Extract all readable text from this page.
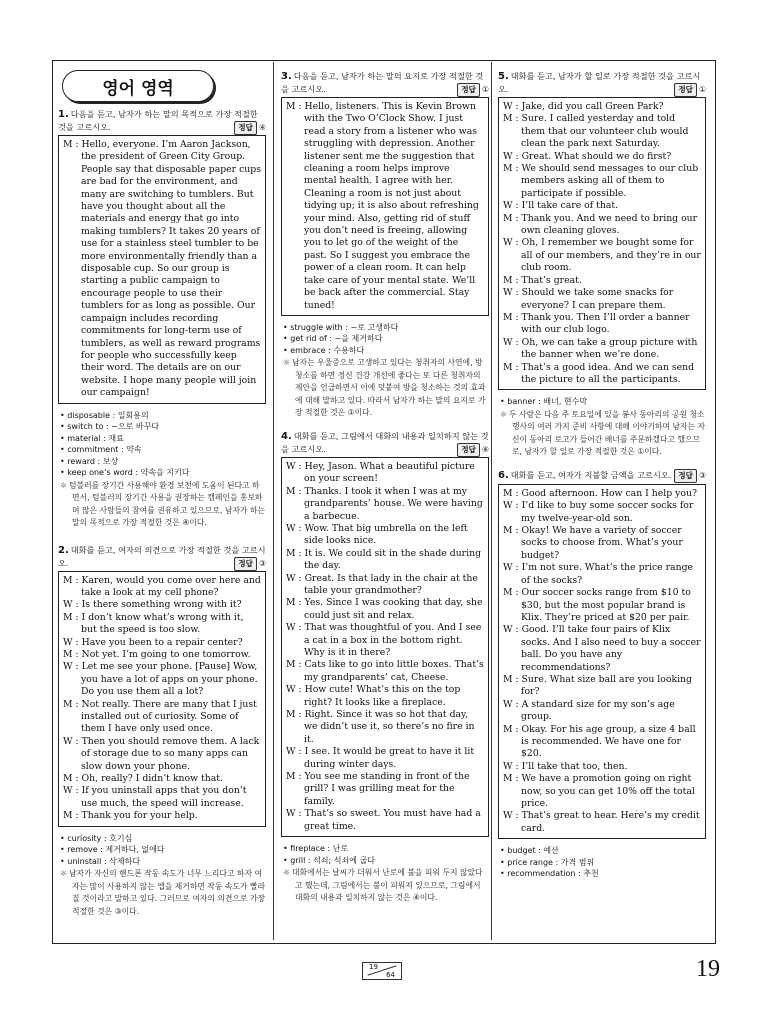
영어 영역
1. 다음을 듣고, 남자가 하는 말의 목적으로 가장 적절한 것을 고르시오.	정답 ④

M : Hello, everyone. I’m Aaron Jackson, the president of Green City Group. People say that disposable paper cups are bad for the environment, and many are switching to tumblers. But have you thought about all the materials and energy that go into making tumblers? It takes 20 years of use for a stainless steel tumbler to be more environmentally friendly than a disposable cup. So our group is starting a public campaign to encourage people to use their tumblers for as long as possible. Our campaign includes recording commitments for long-term use of tumblers, as well as reward programs for people who successfully keep their word. The details are on our website. I hope many people will join our campaign!

• disposable : 일회용의
• switch to : ~으로 바꾸다
• material : 재료
• commitment : 약속
• reward : 보상
• keep one’s word : 약속을 지키다
☼ 텀블러를 장기간 사용해야 환경 보전에 도움이 된다고 하면서, 텀블러의 장기간 사용을 권장하는 캠페인을 홍보하며 많은 사람들의 참여를 권유하고 있으므로, 남자가 하는 말의 목적으로 가장 적절한 것은 ④이다.
2. 대화를 듣고, 여자의 의견으로 가장 적절한 것을 고르시오.	정답 ③

M : Karen, would you come over here and take a look at my cell phone?

W : Is there something wrong with it?

M : I don’t know what’s wrong with it, but the speed is too slow.

W : Have you been to a repair center?

M : Not yet. I’m going to one tomorrow.

W : Let me see your phone. [Pause] Wow, you have a lot of apps on your phone. Do you use them all a lot?

M : Not really. There are many that I just installed out of curiosity. Some of them I have only used once.

W : Then you should remove them. A lack of storage due to so many apps can slow down your phone.

M : Oh, really? I didn’t know that.

W : If you uninstall apps that you don’t use much, the speed will increase.

M : Thank you for your help.

• curiosity : 호기심
• remove : 제거하다, 없애다
• uninstall : 삭제하다
☼ 남자가 자신의 핸드폰 작동 속도가 너무 느리다고 하자 여자는 많이 사용하지 않는 앱을 제거하면 작동 속도가 빨라질 것이라고 말하고 있다. 그러므로 여자의 의견으로 가장 적절한 것은 ③이다.
3. 다음을 듣고, 남자가 하는 말의 요지로 가장 적절한 것을 고르시오.	정답 ①

M : Hello, listeners. This is Kevin Brown with the Two O’Clock Show. I just read a story from a listener who was struggling with depression. Another listener sent me the suggestion that cleaning a room helps improve mental health. I agree with her. Cleaning a room is not just about tidying up; it is also about refreshing your mind. Also, getting rid of stuff you don’t need is freeing, allowing you to let go of the weight of the past. So I suggest you embrace the power of a clean room. It can help take care of your mental state. We’ll be back after the commercial. Stay tuned!

• struggle with : ~로 고생하다
• get rid of : ~을 제거하다
• embrace : 수용하다
☼ 남자는 우울증으로 고생하고 있다는 청취자의 사연에, 방 청소를 하면 정신 건강 개선에 좋다는 또 다른 청취자의 제안을 언급하면서 이에 덧붙여 방을 청소하는 것의 효과에 대해 말하고 있다. 따라서 남자가 하는 말의 요지로 가장 적절한 것은 ①이다.
4. 대화를 듣고, 그림에서 대화의 내용과 일치하지 않는 것을 고르시오.	정답 ④

W : Hey, Jason. What a beautiful picture on your screen!

M : Thanks. I took it when I was at my grandparents’ house. We were having a barbecue.

W : Wow. That big umbrella on the left side looks nice.

M : It is. We could sit in the shade during the day.

W : Great. Is that lady in the chair at the table your grandmother?

M : Yes. Since I was cooking that day, she could just sit and relax.

W : That was thoughtful of you. And I see a cat in a box in the bottom right. Why is it in there?

M : Cats like to go into little boxes. That’s my grandparents’ cat, Cheese.

W : How cute! What’s this on the top right? It looks like a fireplace.

M : Right. Since it was so hot that day, we didn’t use it, so there’s no fire in it.

W : I see. It would be great to have it lit during winter days.

M : You see me standing in front of the grill? I was grilling meat for the family.

W : That’s so sweet. You must have had a great time.

• fireplace : 난로
• grill : 석쇠; 석쇠에 굽다
☼ 대화에서는 날씨가 더워서 난로에 불을 피워 두지 않았다고 했는데, 그림에서는 불이 피워져 있으므로, 그림에서 대화의 내용과 일치하지 않는 것은 ④이다.
5. 대화를 듣고, 남자가 할 일로 가장 적절한 것을 고르시오.	정답 ①

W : Jake, did you call Green Park?

M : Sure. I called yesterday and told them that our volunteer club would clean the park next Saturday.

W : Great. What should we do first?

M : We should send messages to our club members asking all of them to participate if possible.

W : I’ll take care of that.

M : Thank you. And we need to bring our own cleaning gloves.

W : Oh, I remember we bought some for all of our members, and they’re in our club room.

M : That’s great.

W : Should we take some snacks for everyone? I can prepare them.

M : Thank you. Then I’ll order a banner with our club logo.

W : Oh, we can take a group picture with the banner when we’re done.

M : That’s a good idea. And we can send the picture to all the participants.

• banner : 배너, 현수막
☼ 두 사람은 다음 주 토요일에 있을 봉사 동아리의 공원 청소 행사의 여러 가지 준비 사항에 대해 이야기하며 남자는 자신이 동아리 로고가 들어간 배너를 주문하겠다고 했으므로, 남자가 할 일로 가장 적절한 것은 ①이다.
6. 대화를 듣고, 여자가 지불할 금액을 고르시오. 정답 ③

M : Good afternoon. How can I help you?

W : I’d like to buy some soccer socks for my twelve-year-old son.

M : Okay! We have a variety of soccer socks to choose from. What’s your budget?

W : I’m not sure. What’s the price range of the socks?

M : Our soccer socks range from $10 to $30, but the most popular brand is Klix. They’re priced at $20 per pair.

W : Good. I’ll take four pairs of Klix socks. And I also need to buy a soccer ball. Do you have any recommendations?

M : Sure. What size ball are you looking for?

W : A standard size for my son’s age group.

M : Okay. For his age group, a size 4 ball is recommended. We have one for $20.

W : I’ll take that too, then.

M : We have a promotion going on right now, so you can get 10% off the total price.

W : That’s great to hear. Here’s my credit card.

• budget : 예산
• price range : 가격 범위
• recommendation : 추천
19
64	19
